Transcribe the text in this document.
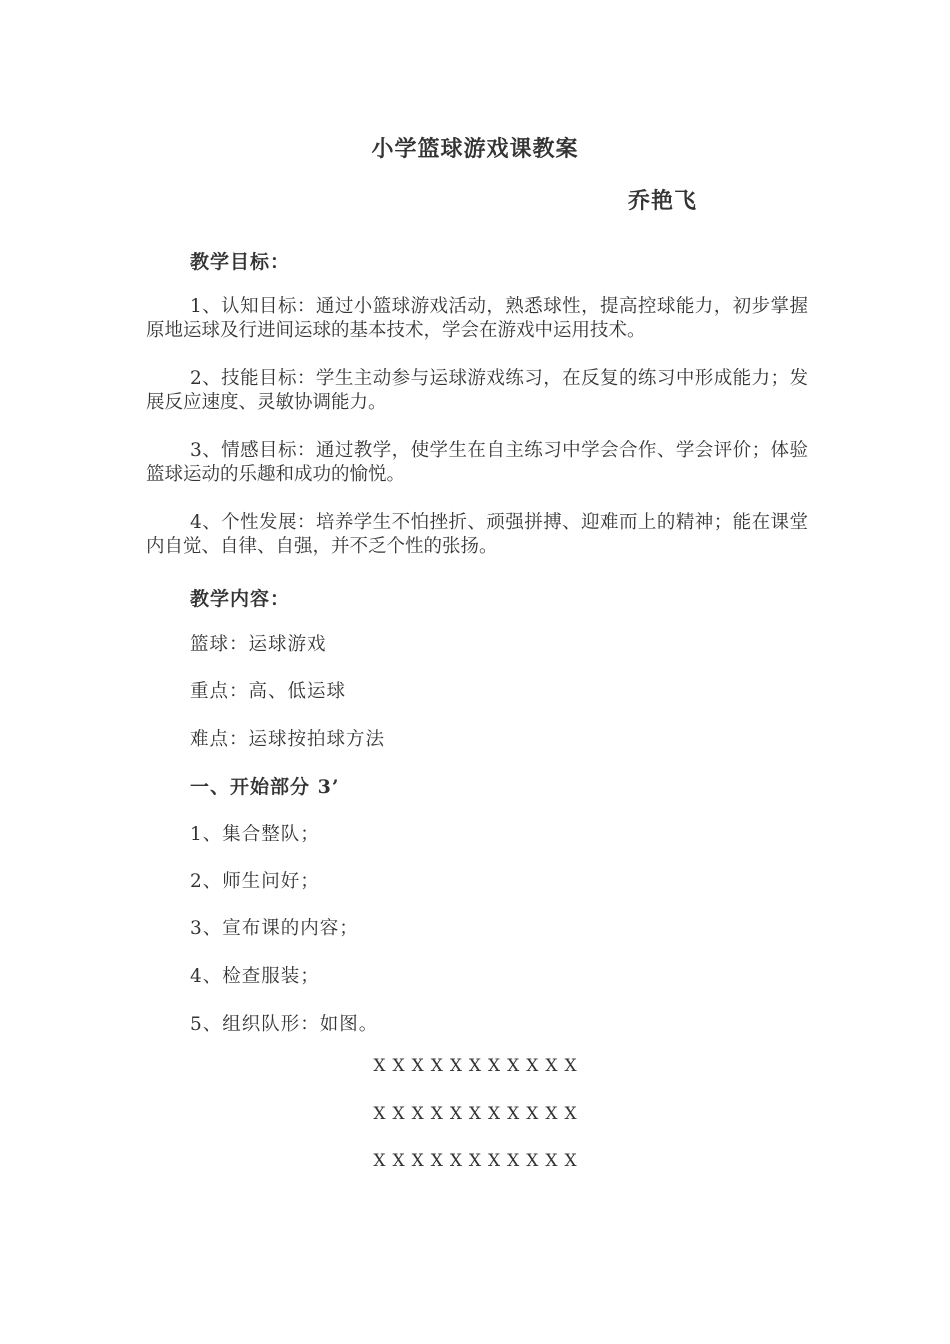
小学篮球游戏课教案
乔艳飞
教学目标：
1、认知目标：通过小篮球游戏活动，熟悉球性，提高控球能力，初步掌握原地运球及行进间运球的基本技术，学会在游戏中运用技术。
2、技能目标：学生主动参与运球游戏练习，在反复的练习中形成能力；发展反应速度、灵敏协调能力。
3、情感目标：通过教学，使学生在自主练习中学会合作、学会评价；体验篮球运动的乐趣和成功的愉悦。
4、个性发展：培养学生不怕挫折、顽强拼搏、迎难而上的精神；能在课堂内自觉、自律、自强，并不乏个性的张扬。
教学内容：
篮球：运球游戏
重点：高、低运球
难点：运球按拍球方法
一、开始部分 3’
1、集合整队；
2、师生问好；
3、宣布课的内容；
4、检查服装；
5、组织队形：如图。
XXXXXXXXXXX
XXXXXXXXXXX
XXXXXXXXXXX
